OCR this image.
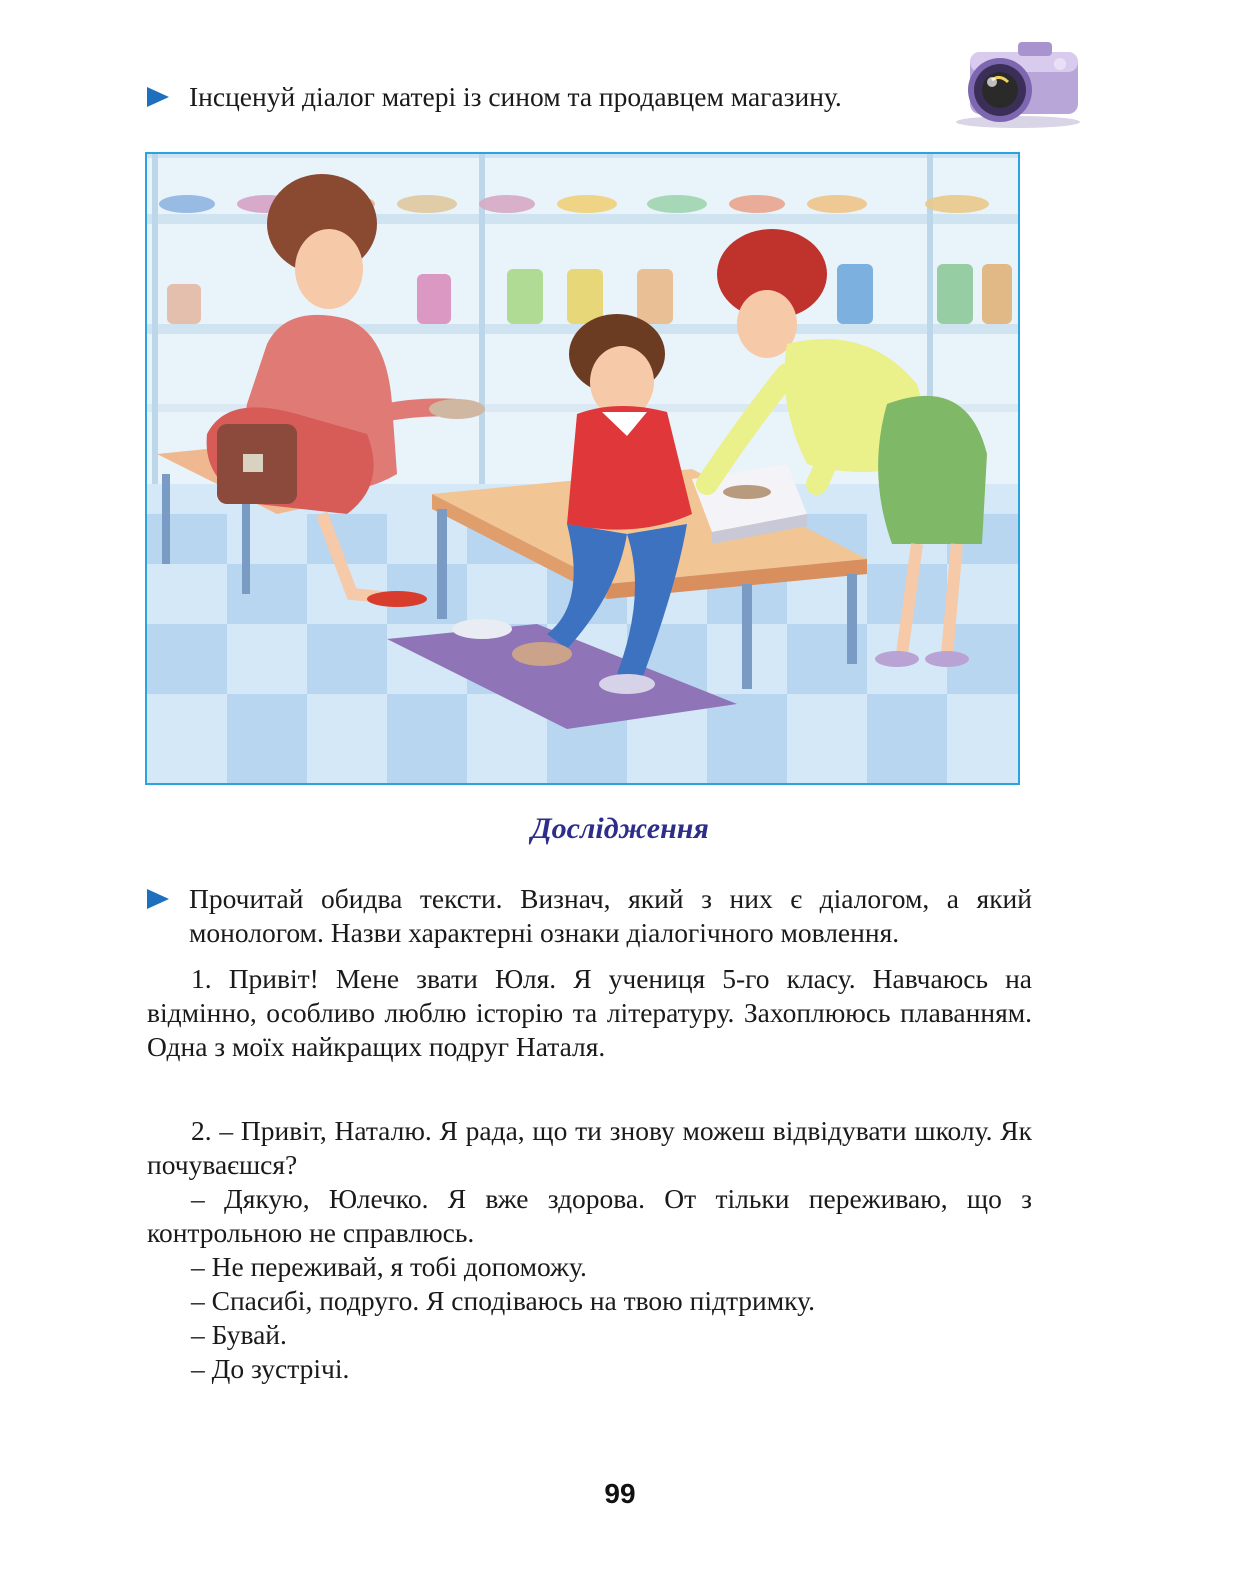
Інсценуй діалог матері із сином та продавцем магазину.
Дослідження
Прочитай обидва тексти. Визнач, який з них є діалогом, а який монологом. Назви характерні ознаки діалогічного мовлення.
1. Привіт! Мене звати Юля. Я учениця 5-го класу. Навчаюсь на відмінно, особливо люблю історію та літературу. Захоплююсь плаванням. Одна з моїх найкращих подруг Наталя.
2. – Привіт, Наталю. Я рада, що ти знову можеш відвідувати школу. Як почуваєшся?
– Дякую, Юлечко. Я вже здорова. От тільки переживаю, що з контрольною не справлюсь.
– Не переживай, я тобі допоможу.
– Спасибі, подруго. Я сподіваюсь на твою підтримку.
– Бувай.
– До зустрічі.
99
